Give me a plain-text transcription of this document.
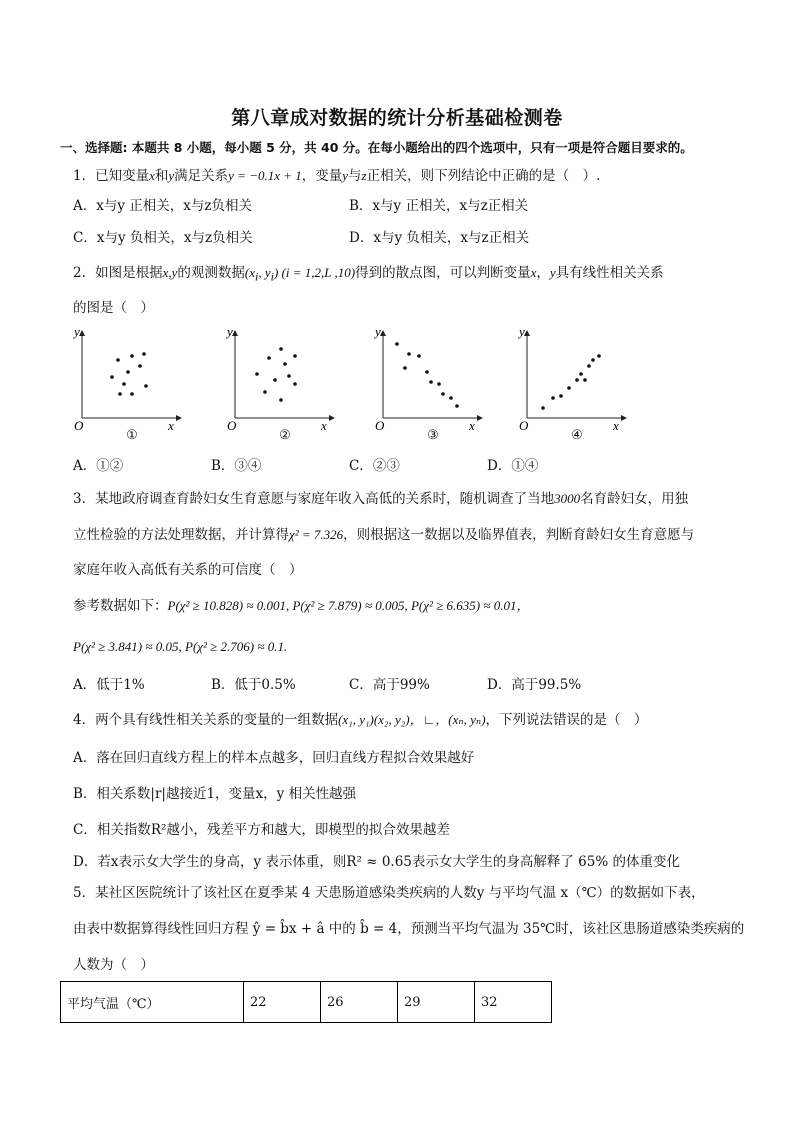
第八章成对数据的统计分析基础检测卷
一、选择题: 本题共 8 小题，每小题 5 分，共 40 分。在每小题给出的四个选项中，只有一项是符合题目要求的。
1．已知变量x和y满足关系y = −0.1x + 1，变量y与z正相关，则下列结论中正确的是（　）.
A．x与y 正相关，x与z负相关	B．x与y 正相关，x与z正相关
C．x与y 负相关，x与z负相关	D．x与y 负相关，x与z正相关
2．如图是根据x,y的观测数据($x_i$, $y_i$) (i = 1,2,L ,10)得到的散点图，可以判断变量x，y具有线性相关关系
的图是（　）
y
x
O
①
y
x
O
②
y
x
O
③
y
x
O
④
A．①②	B．③④	C．②③	D．①④
3．某地政府调查育龄妇女生育意愿与家庭年收入高低的关系时，随机调查了当地3000名育龄妇女，用独
立性检验的方法处理数据，并计算得χ² = 7.326，则根据这一数据以及临界值表，判断育龄妇女生育意愿与
家庭年收入高低有关系的可信度（　）
参考数据如下：P(χ² ≥ 10.828) ≈ 0.001, P(χ² ≥ 7.879) ≈ 0.005, P(χ² ≥ 6.635) ≈ 0.01，
P(χ² ≥ 3.841) ≈ 0.05, P(χ² ≥ 2.706) ≈ 0.1.
A．低于1%	B．低于0.5%	C．高于99%	D．高于99.5%
4．两个具有线性相关关系的变量的一组数据(x₁, y₁)(x₂, y₂)，∟，(xₙ, yₙ)，下列说法错误的是（　）
A．落在回归直线方程上的样本点越多，回归直线方程拟合效果越好
B．相关系数|r|越接近1，变量x，y 相关性越强
C．相关指数R²越小，残差平方和越大，即模型的拟合效果越差
D．若x表示女大学生的身高，y 表示体重，则R² ≈ 0.65表示女大学生的身高解释了 65% 的体重变化
5．某社区医院统计了该社区在夏季某 4 天患肠道感染类疾病的人数y 与平均气温 x（℃）的数据如下表，
由表中数据算得线性回归方程 ŷ = b̂x + â 中的 b̂ = 4，预测当平均气温为 35℃时，该社区患肠道感染类疾病的
人数为（　）
平均气温（℃）	22	26	29	32
